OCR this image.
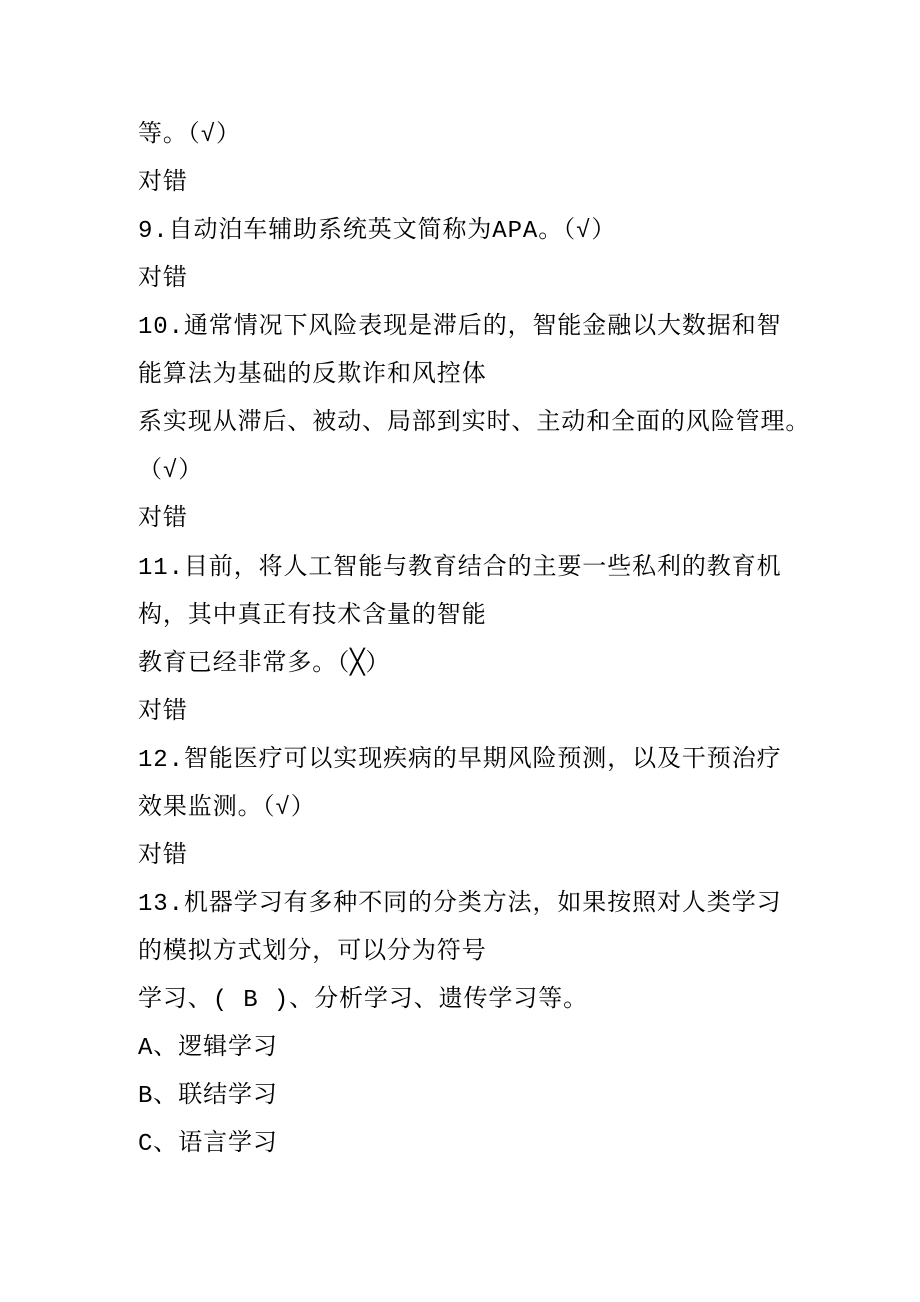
等。（√）

对错

9.自动泊车辅助系统英文简称为APA。（√）

对错

10.通常情况下风险表现是滞后的，智能金融以大数据和智

能算法为基础的反欺诈和风控体

系实现从滞后、被动、局部到实时、主动和全面的风险管理。

（√）

对错

11.目前，将人工智能与教育结合的主要一些私利的教育机

构，其中真正有技术含量的智能

教育已经非常多。（╳）

对错

12.智能医疗可以实现疾病的早期风险预测，以及干预治疗

效果监测。（√）

对错

13.机器学习有多种不同的分类方法，如果按照对人类学习

的模拟方式划分，可以分为符号

学习、( B )、分析学习、遗传学习等。

A、逻辑学习

B、联结学习

C、语言学习
